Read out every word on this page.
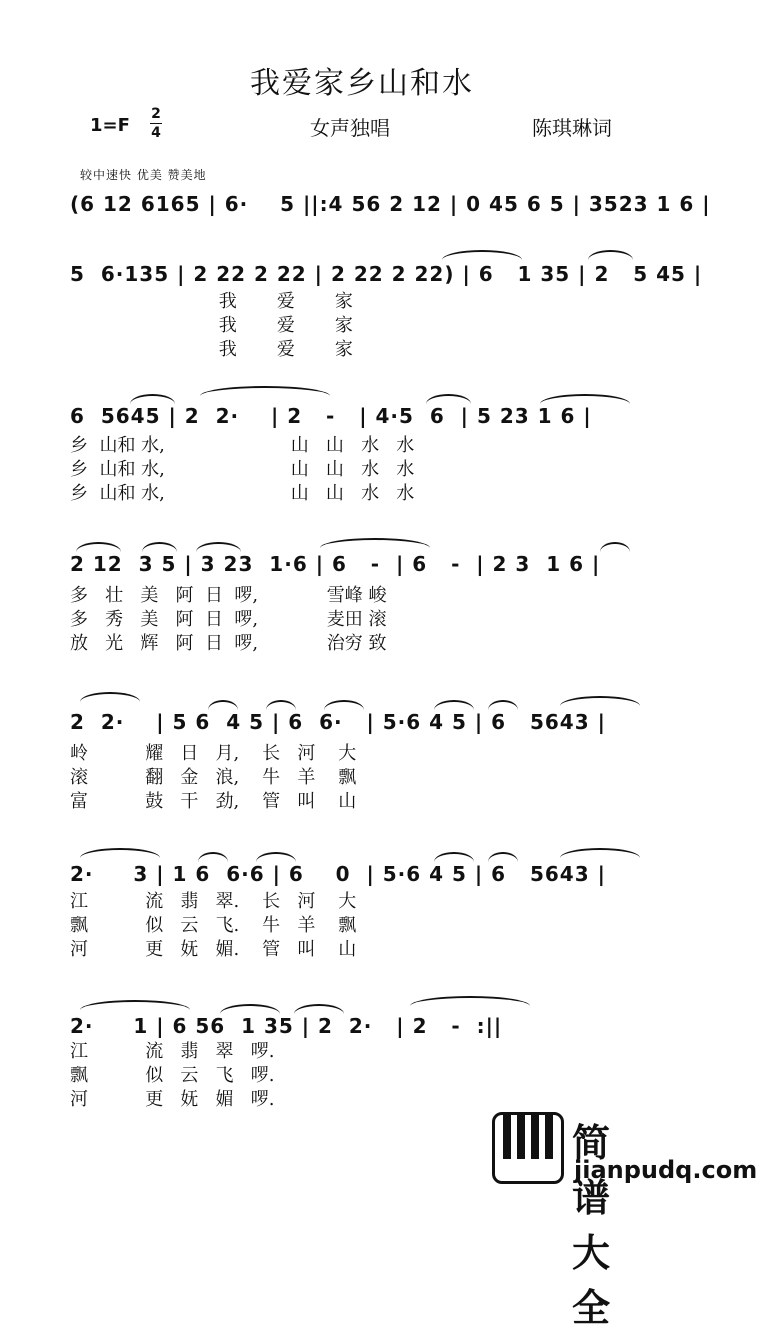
我爱家乡山和水
1=F
2
4	女声独唱	陈琪琳词
较中速快 优美 赞美地
(6 12 6165 | 6·    5 ||:4 56 2 12 | 0 45 6 5 | 3523 1 6 |
5  6·135 | 2 22 2 22 | 2 22 2 22) | 6   1 35 | 2   5 45 |
我       爱       家
我       爱       家
我       爱       家
6  5645 | 2  2·    | 2   -   | 4·5  6  | 5 23 1 6 |
乡  山和 水,                      山   山   水   水
乡  山和 水,                      山   山   水   水
乡  山和 水,                      山   山   水   水
2 12  3 5 | 3 23  1·6 | 6   -  | 6   -  | 2 3  1 6 |
多   壮   美   阿  日  啰,            雪峰 峻
多   秀   美   阿  日  啰,            麦田 滚
放   光   辉   阿  日  啰,            治穷 致
2  2·    | 5 6  4 5 | 6  6·   | 5·6 4 5 | 6   5643 |
岭          耀   日   月,    长   河    大
滚          翻   金   浪,    牛   羊    飘
富          鼓   干   劲,    管   叫    山
2·     3 | 1 6  6·6 | 6    0  | 5·6 4 5 | 6   5643 |
江          流   翡   翠.    长   河    大
飘          似   云   飞.    牛   羊    飘
河          更   妩   媚.    管   叫    山
2·     1 | 6 56  1 35 | 2  2·   | 2   -  :||
江          流   翡   翠   啰.
飘          似   云   飞   啰.
河          更   妩   媚   啰.
简谱大全
jianpudq.com
